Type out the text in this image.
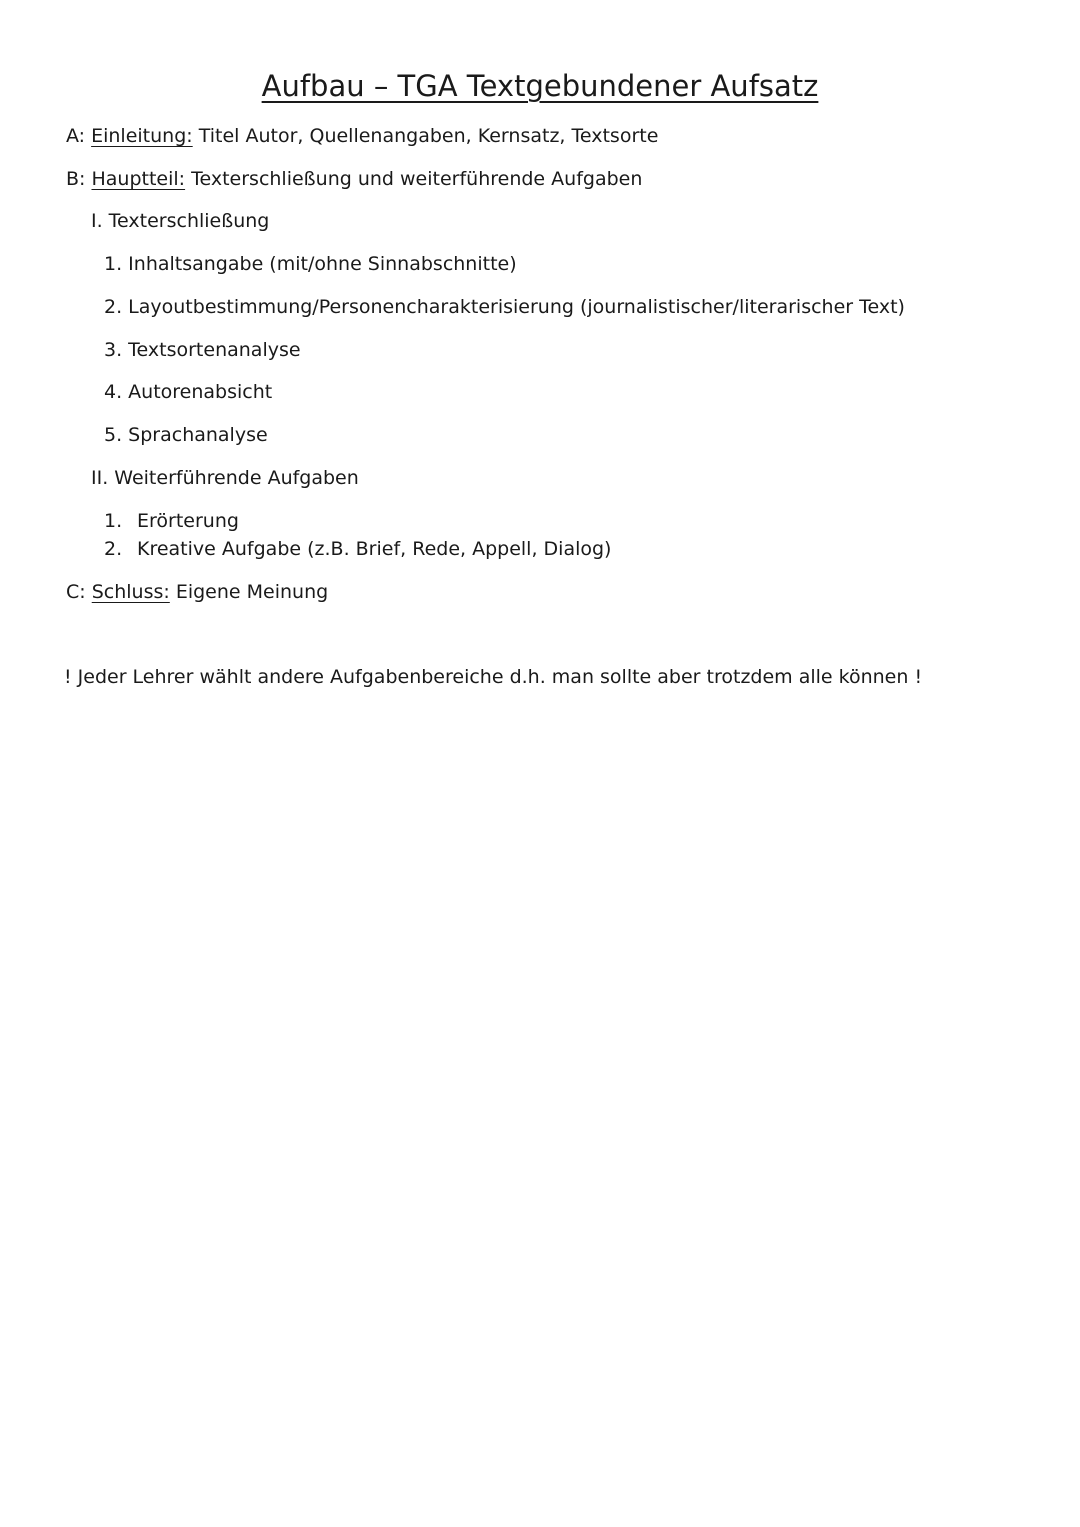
Aufbau – TGA Textgebundener Aufsatz
A: Einleitung: Titel Autor, Quellenangaben, Kernsatz, Textsorte
B: Hauptteil: Texterschließung und weiterführende Aufgaben
I. Texterschließung
1. Inhaltsangabe (mit/ohne Sinnabschnitte)
2. Layoutbestimmung/Personencharakterisierung (journalistischer/literarischer Text)
3. Textsortenanalyse
4. Autorenabsicht
5. Sprachanalyse
II. Weiterführende Aufgaben
1. Erörterung
2. Kreative Aufgabe (z.B. Brief, Rede, Appell, Dialog)
C: Schluss: Eigene Meinung
! Jeder Lehrer wählt andere Aufgabenbereiche d.h. man sollte aber trotzdem alle können !
